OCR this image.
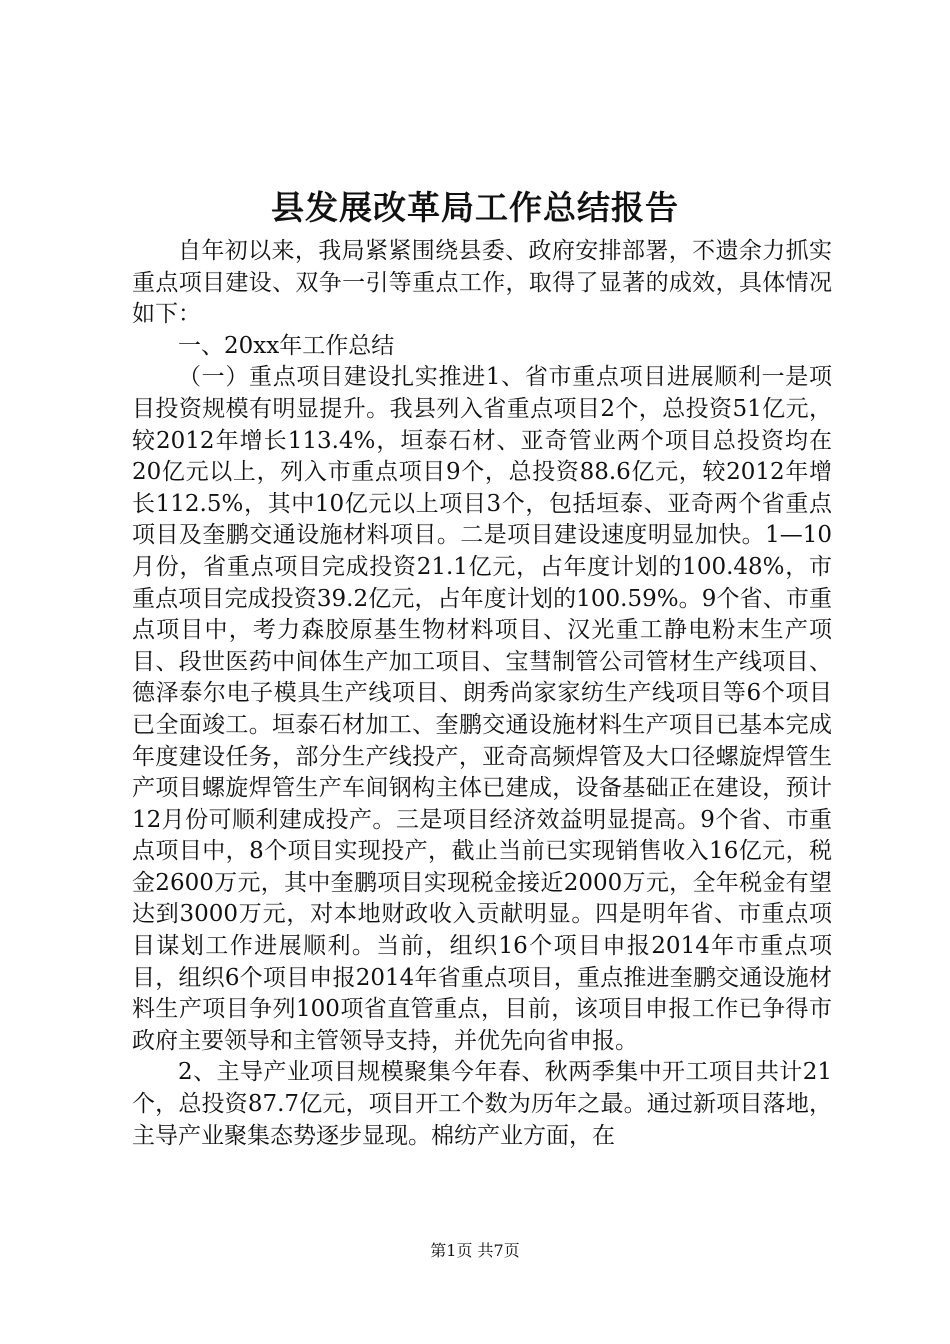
县发展改革局工作总结报告

自年初以来，我局紧紧围绕县委、政府安排部署，不遗余力抓实重点项目建设、双争一引等重点工作，取得了显著的成效，具体情况如下：

一、20xx年工作总结

（一）重点项目建设扎实推进1、省市重点项目进展顺利一是项目投资规模有明显提升。我县列入省重点项目2个，总投资51亿元，较2012年增长113.4%，垣泰石材、亚奇管业两个项目总投资均在20亿元以上，列入市重点项目9个，总投资88.6亿元，较2012年增长112.5%，其中10亿元以上项目3个，包括垣泰、亚奇两个省重点项目及奎鹏交通设施材料项目。二是项目建设速度明显加快。1—10月份，省重点项目完成投资21.1亿元，占年度计划的100.48%，市重点项目完成投资39.2亿元，占年度计划的100.59%。9个省、市重点项目中，考力森胶原基生物材料项目、汉光重工静电粉末生产项目、段世医药中间体生产加工项目、宝彗制管公司管材生产线项目、德泽泰尔电子模具生产线项目、朗秀尚家家纺生产线项目等6个项目已全面竣工。垣泰石材加工、奎鹏交通设施材料生产项目已基本完成年度建设任务，部分生产线投产，亚奇高频焊管及大口径螺旋焊管生产项目螺旋焊管生产车间钢构主体已建成，设备基础正在建设，预计12月份可顺利建成投产。三是项目经济效益明显提高。9个省、市重点项目中，8个项目实现投产，截止当前已实现销售收入16亿元，税金2600万元，其中奎鹏项目实现税金接近2000万元，全年税金有望达到3000万元，对本地财政收入贡献明显。四是明年省、市重点项目谋划工作进展顺利。当前，组织16个项目申报2014年市重点项目，组织6个项目申报2014年省重点项目，重点推进奎鹏交通设施材料生产项目争列100项省直管重点，目前，该项目申报工作已争得市政府主要领导和主管领导支持，并优先向省申报。

2、主导产业项目规模聚集今年春、秋两季集中开工项目共计21个，总投资87.7亿元，项目开工个数为历年之最。通过新项目落地，主导产业聚集态势逐步显现。棉纺产业方面，在

第1页 共7页
